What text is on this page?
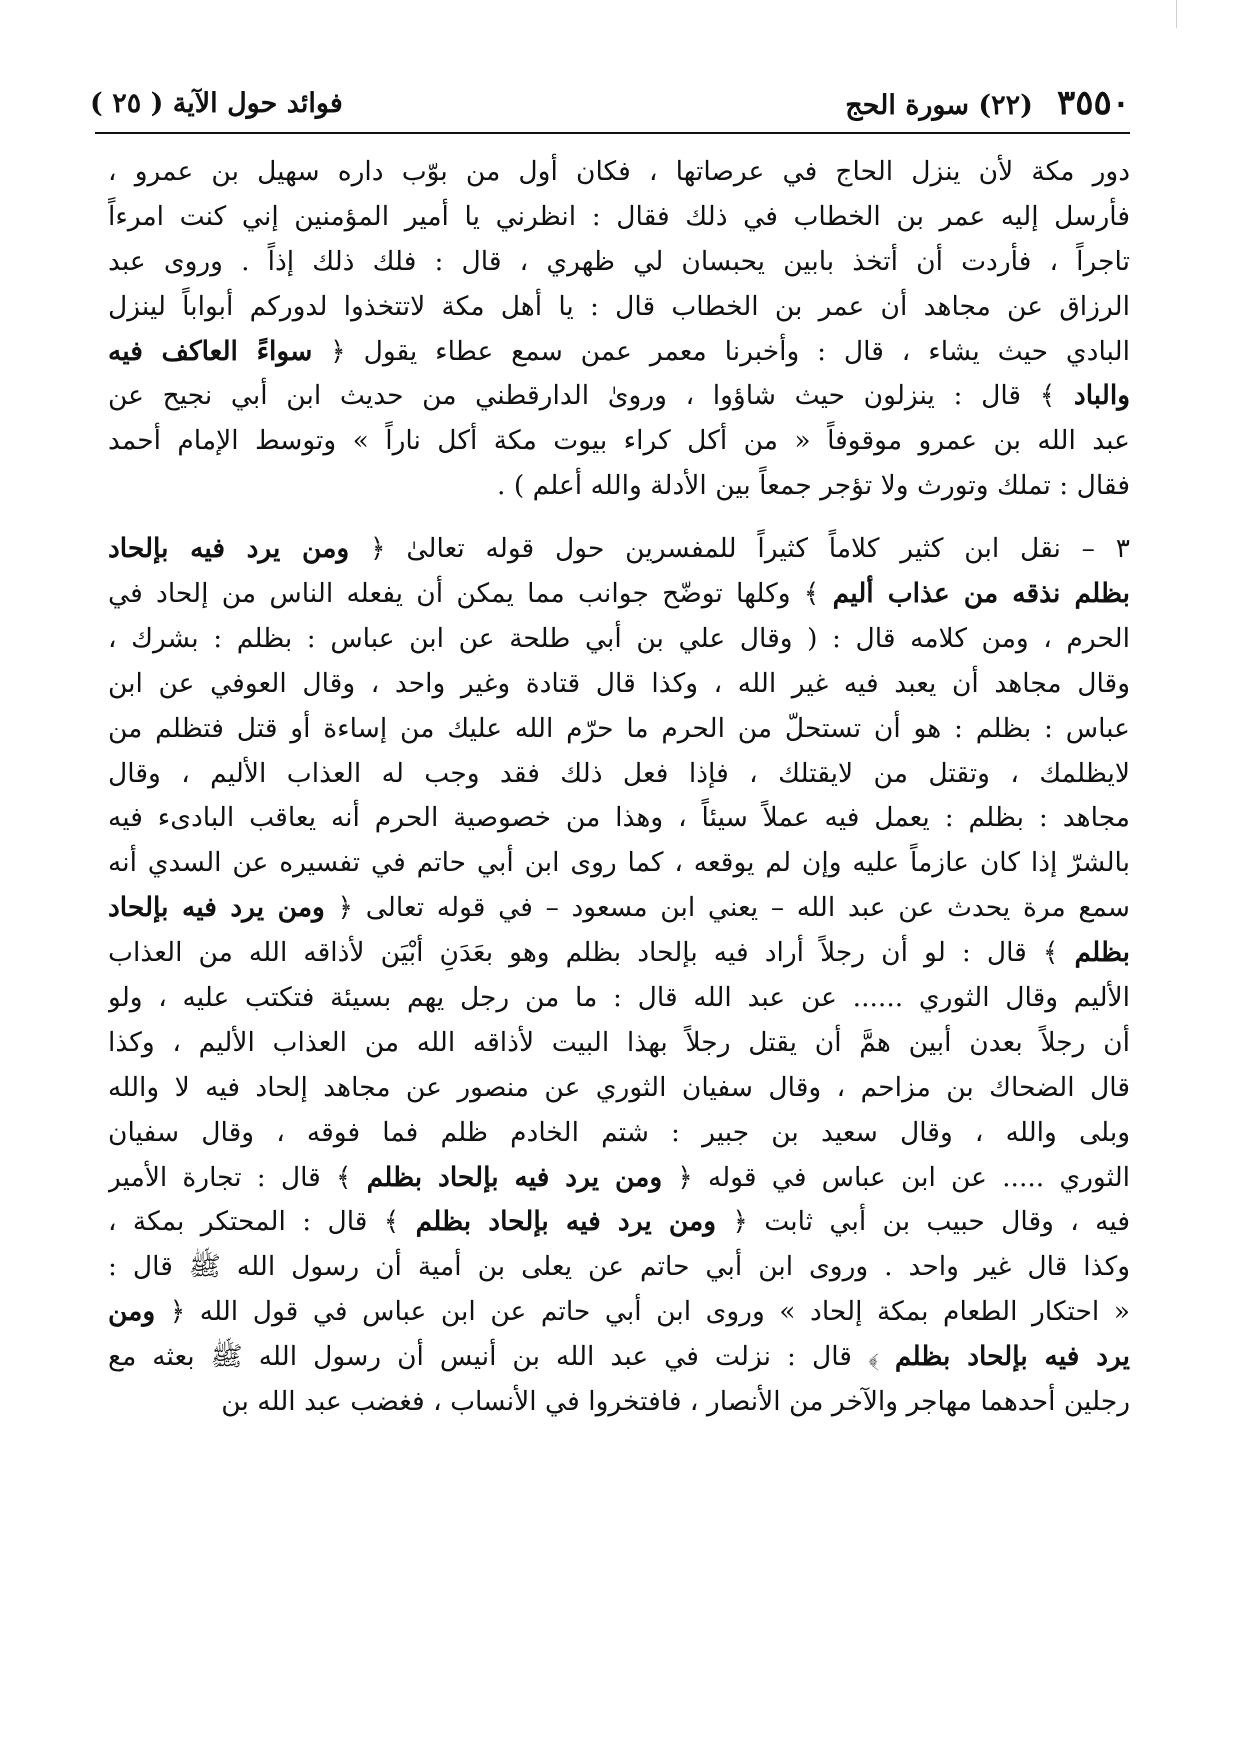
٣٥٥٠
(٢٢) سورة الحج
فوائد حول الآية ( ٢٥ )
دور مكة لأن ينزل الحاج في عرصاتها ، فكان أول من بوّب داره سهيل بن عمرو ،
فأرسل إليه عمر بن الخطاب في ذلك فقال : انظرني يا أمير المؤمنين إني كنت امرءاً
تاجراً ، فأردت أن أتخذ بابين يحبسان لي ظهري ، قال : فلك ذلك إذاً . وروى عبد
الرزاق عن مجاهد أن عمر بن الخطاب قال : يا أهل مكة لاتتخذوا لدوركم أبواباً لينزل
البادي حيث يشاء ، قال : وأخبرنا معمر عمن سمع عطاء يقول ﴿ سواءً العاكف فيه
والباد ﴾ قال : ينزلون حيث شاؤوا ، وروىٰ الدارقطني من حديث ابن أبي نجيح عن
عبد الله بن عمرو موقوفاً « من أكل كراء بيوت مكة أكل ناراً » وتوسط الإمام أحمد
فقال : تملك وتورث ولا تؤجر جمعاً بين الأدلة والله أعلم ) .
٣ – نقل ابن كثير كلاماً كثيراً للمفسرين حول قوله تعالىٰ ﴿ ومن يرد فيه بإلحاد
بظلم نذقه من عذاب أليم ﴾ وكلها توضّح جوانب مما يمكن أن يفعله الناس من إلحاد في
الحرم ، ومن كلامه قال : ( وقال علي بن أبي طلحة عن ابن عباس : بظلم : بشرك ،
وقال مجاهد أن يعبد فيه غير الله ، وكذا قال قتادة وغير واحد ، وقال العوفي عن ابن
عباس : بظلم : هو أن تستحلّ من الحرم ما حرّم الله عليك من إساءة أو قتل فتظلم من
لايظلمك ، وتقتل من لايقتلك ، فإذا فعل ذلك فقد وجب له العذاب الأليم ، وقال
مجاهد : بظلم : يعمل فيه عملاً سيئاً ، وهذا من خصوصية الحرم أنه يعاقب البادىء فيه
بالشرّ إذا كان عازماً عليه وإن لم يوقعه ، كما روى ابن أبي حاتم في تفسيره عن السدي أنه
سمع مرة يحدث عن عبد الله – يعني ابن مسعود – في قوله تعالى ﴿ ومن يرد فيه بإلحاد
بظلم ﴾ قال : لو أن رجلاً أراد فيه بإلحاد بظلم وهو بعَدَنِ أبْيَن لأذاقه الله من العذاب
الأليم وقال الثوري ...... عن عبد الله قال : ما من رجل يهم بسيئة فتكتب عليه ، ولو
أن رجلاً بعدن أبين همَّ أن يقتل رجلاً بهذا البيت لأذاقه الله من العذاب الأليم ، وكذا
قال الضحاك بن مزاحم ، وقال سفيان الثوري عن منصور عن مجاهد إلحاد فيه لا والله
وبلى والله ، وقال سعيد بن جبير : شتم الخادم ظلم فما فوقه ، وقال سفيان
الثوري ..... عن ابن عباس في قوله ﴿ ومن يرد فيه بإلحاد بظلم ﴾ قال : تجارة الأمير
فيه ، وقال حبيب بن أبي ثابت ﴿ ومن يرد فيه بإلحاد بظلم ﴾ قال : المحتكر بمكة ،
وكذا قال غير واحد . وروى ابن أبي حاتم عن يعلى بن أمية أن رسول الله ﷺ قال :
« احتكار الطعام بمكة إلحاد » وروى ابن أبي حاتم عن ابن عباس في قول الله ﴿ ومن
يرد فيه بإلحاد بظلم ﴾ قال : نزلت في عبد الله بن أنيس أن رسول الله ﷺ بعثه مع
رجلين أحدهما مهاجر والآخر من الأنصار ، فافتخروا في الأنساب ، فغضب عبد الله بن
